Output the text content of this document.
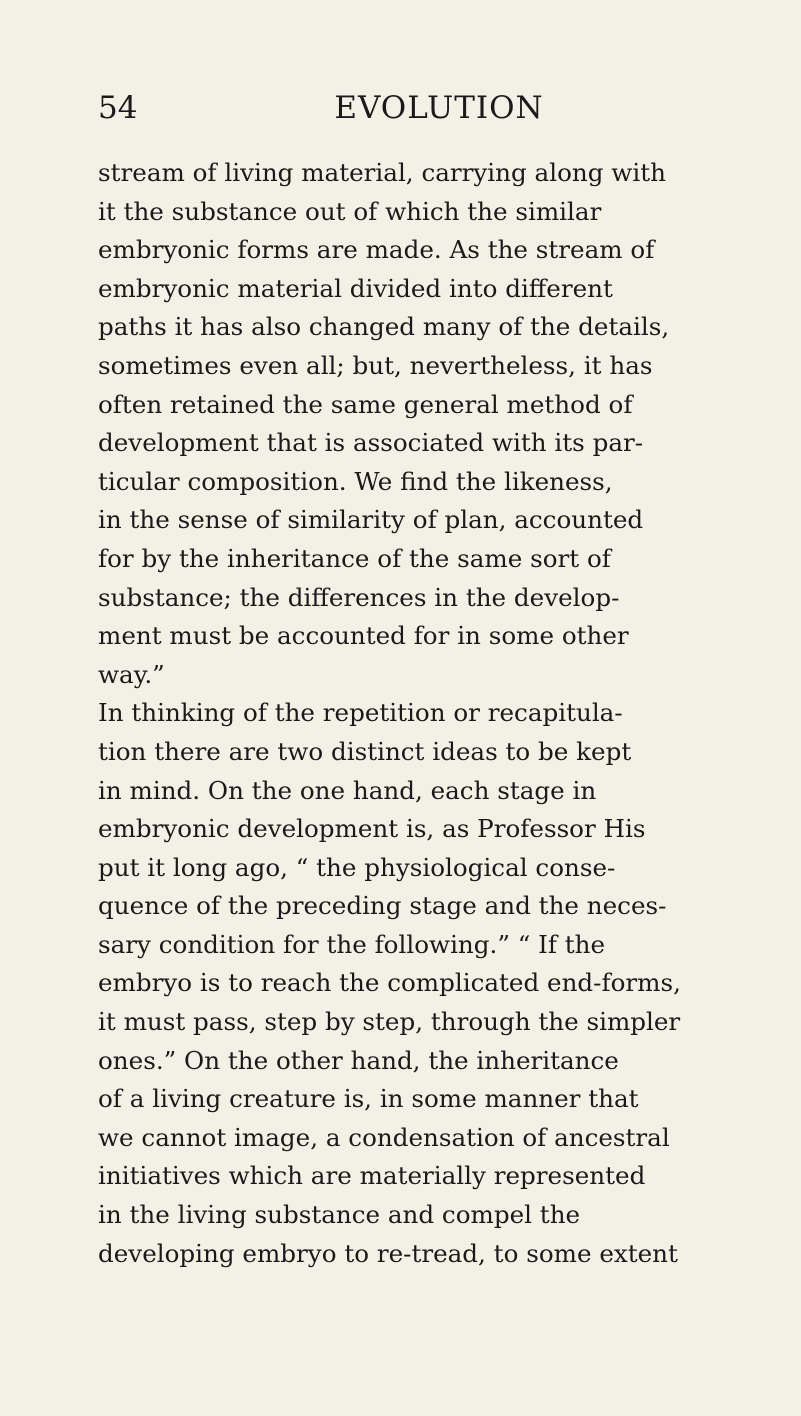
54	EVOLUTION
stream of living material, carrying along with
it the substance out of which the similar
embryonic forms are made. As the stream of
embryonic material divided into different
paths it has also changed many of the details,
sometimes even all; but, nevertheless, it has
often retained the same general method of
development that is associated with its par-
ticular composition. We find the likeness,
in the sense of similarity of plan, accounted
for by the inheritance of the same sort of
substance; the differences in the develop-
ment must be accounted for in some other
way.”
In thinking of the repetition or recapitula-
tion there are two distinct ideas to be kept
in mind. On the one hand, each stage in
embryonic development is, as Professor His
put it long ago, “ the physiological conse-
quence of the preceding stage and the neces-
sary condition for the following.” “ If the
embryo is to reach the complicated end-forms,
it must pass, step by step, through the simpler
ones.” On the other hand, the inheritance
of a living creature is, in some manner that
we cannot image, a condensation of ancestral
initiatives which are materially represented
in the living substance and compel the
developing embryo to re-tread, to some extent
